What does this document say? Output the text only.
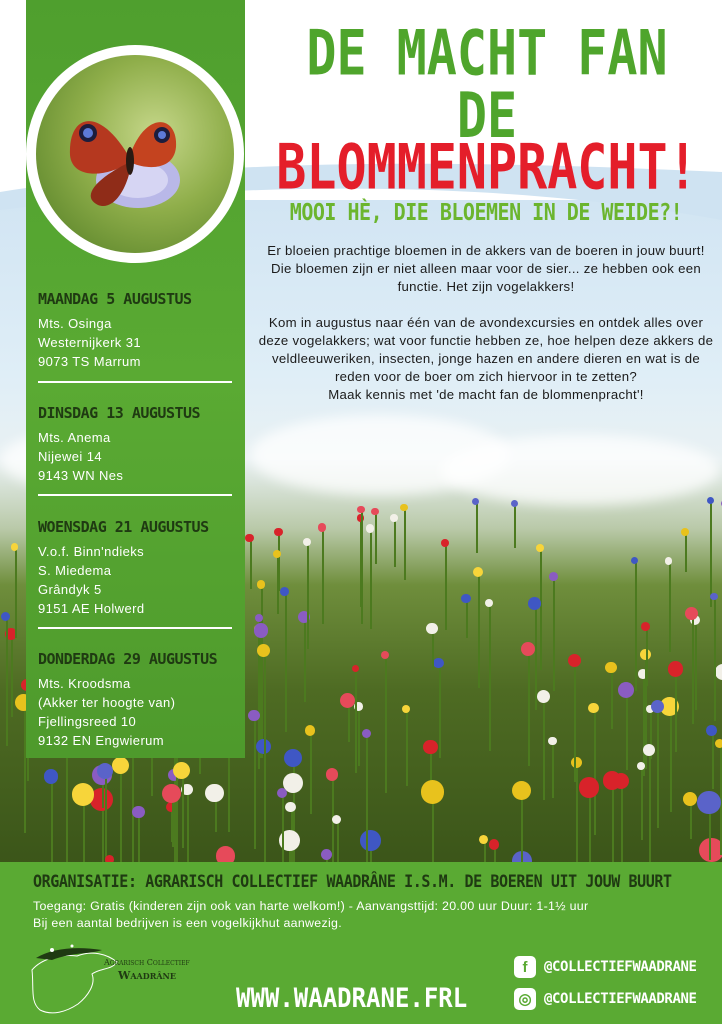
DE MACHT FAN DE
BLOMMENPRACHT!
MAANDAG 5 AUGUSTUS
Mts. Osinga
Westernijkerk 31
9073 TS Marrum
DINSDAG 13 AUGUSTUS
Mts. Anema
Nijewei 14
9143 WN Nes
WOENSDAG 21 AUGUSTUS
V.o.f. Binn'ndieks
S. Miedema
Grândyk 5
9151 AE Holwerd
DONDERDAG 29 AUGUSTUS
Mts. Kroodsma
(Akker ter hoogte van)
Fjellingsreed 10
9132 EN Engwierum
MOOI HÈ, DIE BLOEMEN IN DE WEIDE?!

Er bloeien prachtige bloemen in de akkers van de boeren in jouw buurt! Die bloemen zijn er niet alleen maar voor de sier... ze hebben ook een functie. Het zijn vogelakkers!

Kom in augustus naar één van de avondexcursies en ontdek alles over deze vogelakkers; wat voor functie hebben ze, hoe helpen deze akkers de veldleeuweriken, insecten, jonge hazen en andere dieren en wat is de reden voor de boer om zich hiervoor in te zetten?

Maak kennis met 'de macht fan de blommenpracht'!

ORGANISATIE: AGRARISCH COLLECTIEF WAADRÂNE I.S.M. DE BOEREN UIT JOUW BUURT
Toegang: Gratis (kinderen zijn ook van harte welkom!) - Aanvangsttijd: 20.00 uur Duur: 1-1½ uur
Bij een aantal bedrijven is een vogelkijkhut aanwezig.
Agrarisch Collectief
Waadrâne
WWW.WAADRANE.FRL
f	@COLLECTIEFWAADRANE
◎ @COLLECTIEFWAADRANE
